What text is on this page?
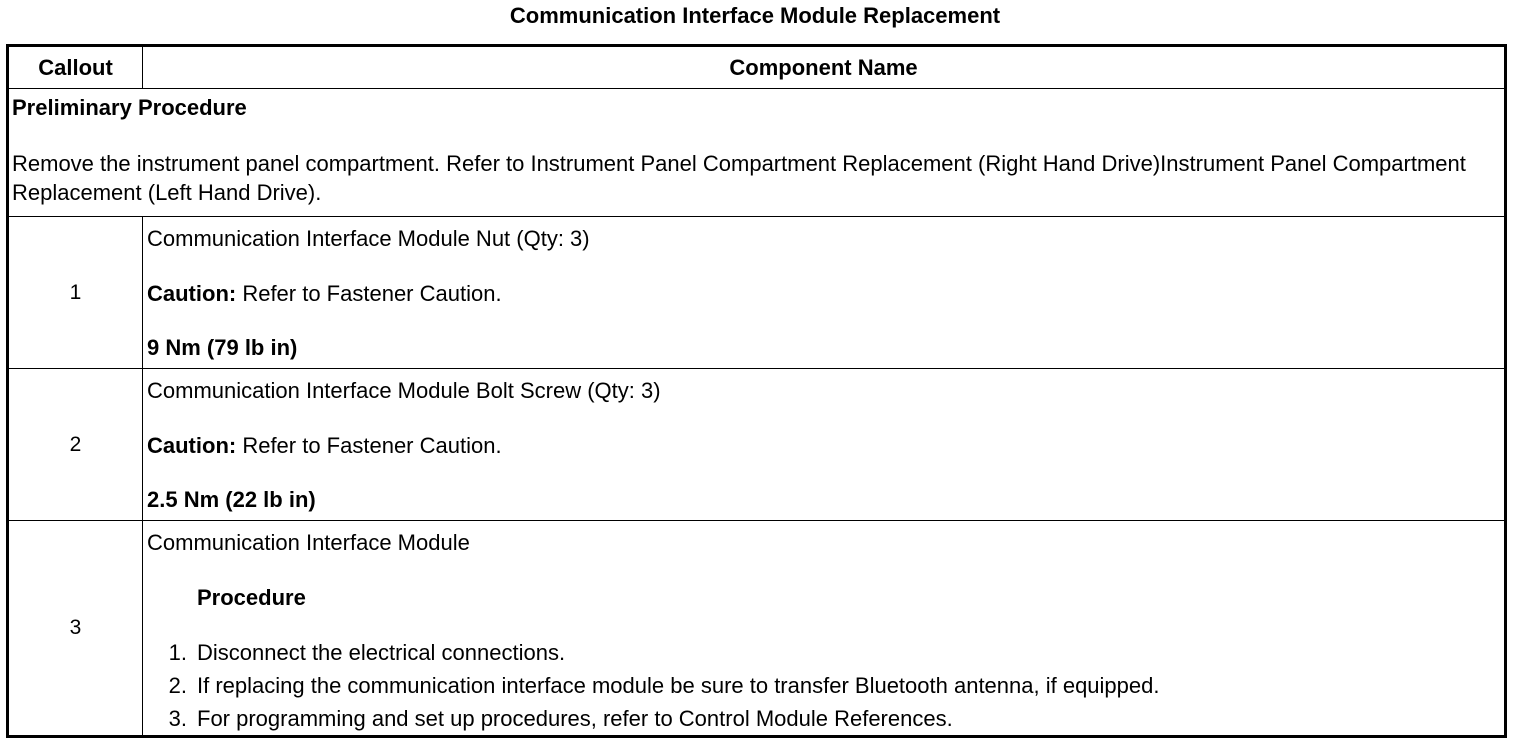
Communication Interface Module Replacement
Callout	Component Name
Preliminary Procedure
Remove the instrument panel compartment. Refer to Instrument Panel Compartment Replacement (Right Hand Drive)Instrument Panel Compartment Replacement (Left Hand Drive).
1
Communication Interface Module Nut (Qty: 3)
Caution: Refer to Fastener Caution.
9 Nm (79 lb in)
2
Communication Interface Module Bolt Screw (Qty: 3)
Caution: Refer to Fastener Caution.
2.5 Nm (22 lb in)
3
Communication Interface Module
Procedure
1. Disconnect the electrical connections.
2. If replacing the communication interface module be sure to transfer Bluetooth antenna, if equipped.
3. For programming and set up procedures, refer to Control Module References.
